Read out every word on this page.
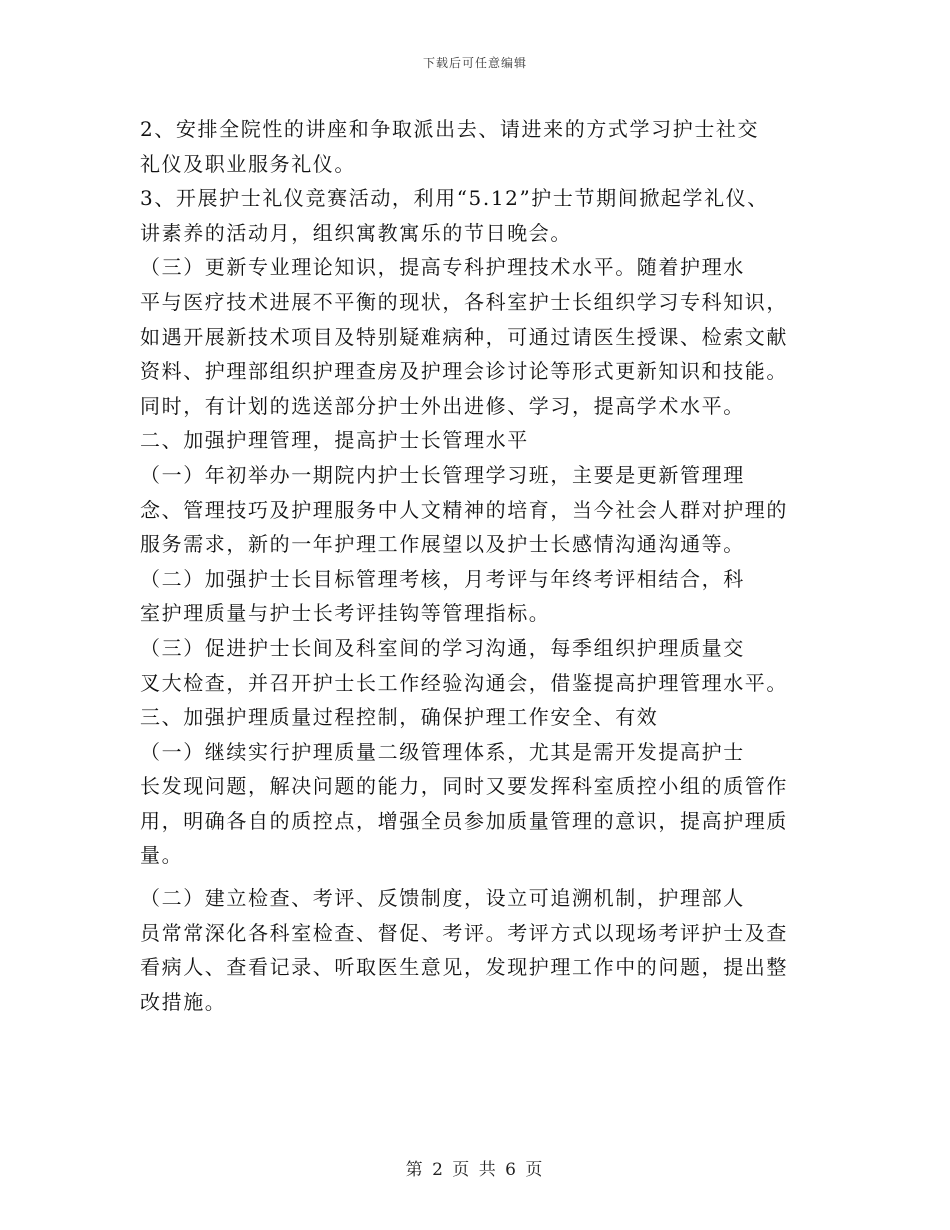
下载后可任意编辑
2、安排全院性的讲座和争取派出去、请进来的方式学习护士社交
礼仪及职业服务礼仪。
3、开展护士礼仪竞赛活动，利用“5.12”护士节期间掀起学礼仪、
讲素养的活动月，组织寓教寓乐的节日晚会。
（三）更新专业理论知识，提高专科护理技术水平。随着护理水
平与医疗技术进展不平衡的现状，各科室护士长组织学习专科知识，
如遇开展新技术项目及特别疑难病种，可通过请医生授课、检索文献
资料、护理部组织护理查房及护理会诊讨论等形式更新知识和技能。
同时，有计划的选送部分护士外出进修、学习，提高学术水平。
二、加强护理管理，提高护士长管理水平
（一）年初举办一期院内护士长管理学习班，主要是更新管理理
念、管理技巧及护理服务中人文精神的培育，当今社会人群对护理的
服务需求，新的一年护理工作展望以及护士长感情沟通沟通等。
（二）加强护士长目标管理考核，月考评与年终考评相结合，科
室护理质量与护士长考评挂钩等管理指标。
（三）促进护士长间及科室间的学习沟通，每季组织护理质量交
叉大检查，并召开护士长工作经验沟通会，借鉴提高护理管理水平。
三、加强护理质量过程控制，确保护理工作安全、有效
（一）继续实行护理质量二级管理体系，尤其是需开发提高护士
长发现问题，解决问题的能力，同时又要发挥科室质控小组的质管作
用，明确各自的质控点，增强全员参加质量管理的意识，提高护理质
量。
（二）建立检查、考评、反馈制度，设立可追溯机制，护理部人
员常常深化各科室检查、督促、考评。考评方式以现场考评护士及查
看病人、查看记录、听取医生意见，发现护理工作中的问题，提出整
改措施。
第 2 页 共 6 页
